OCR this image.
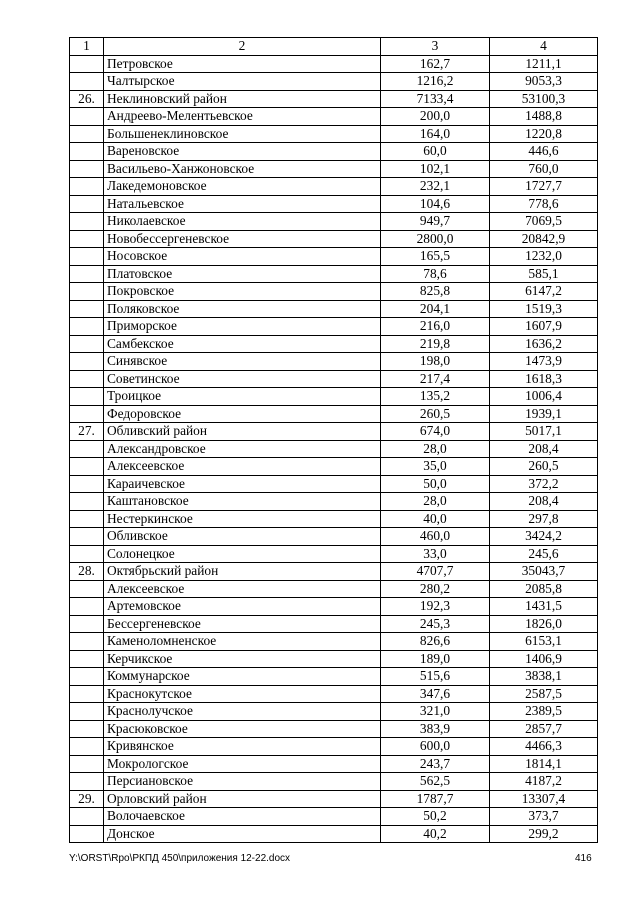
1	2	3	4
	Петровское	162,7	1211,1
	Чалтырское	1216,2	9053,3
26.	Неклиновский район	7133,4	53100,3
	Андреево-Мелентьевское	200,0	1488,8
	Большенеклиновское	164,0	1220,8
	Вареновское	60,0	446,6
	Васильево-Ханжоновское	102,1	760,0
	Лакедемоновское	232,1	1727,7
	Натальевское	104,6	778,6
	Николаевское	949,7	7069,5
	Новобессергеневское	2800,0	20842,9
	Носовское	165,5	1232,0
	Платовское	78,6	585,1
	Покровское	825,8	6147,2
	Поляковское	204,1	1519,3
	Приморское	216,0	1607,9
	Самбекское	219,8	1636,2
	Синявское	198,0	1473,9
	Советинское	217,4	1618,3
	Троицкое	135,2	1006,4
	Федоровское	260,5	1939,1
27.	Обливский район	674,0	5017,1
	Александровское	28,0	208,4
	Алексеевское	35,0	260,5
	Караичевское	50,0	372,2
	Каштановское	28,0	208,4
	Нестеркинское	40,0	297,8
	Обливское	460,0	3424,2
	Солонецкое	33,0	245,6
28.	Октябрьский район	4707,7	35043,7
	Алексеевское	280,2	2085,8
	Артемовское	192,3	1431,5
	Бессергеневское	245,3	1826,0
	Каменоломненское	826,6	6153,1
	Керчикское	189,0	1406,9
	Коммунарское	515,6	3838,1
	Краснокутское	347,6	2587,5
	Краснолучское	321,0	2389,5
	Красюковское	383,9	2857,7
	Кривянское	600,0	4466,3
	Мокрологское	243,7	1814,1
	Персиановское	562,5	4187,2
29.	Орловский район	1787,7	13307,4
	Волочаевское	50,2	373,7
	Донское	40,2	299,2
Y:\ORST\Rpo\РКПД 450\приложения 12-22.docx	416
